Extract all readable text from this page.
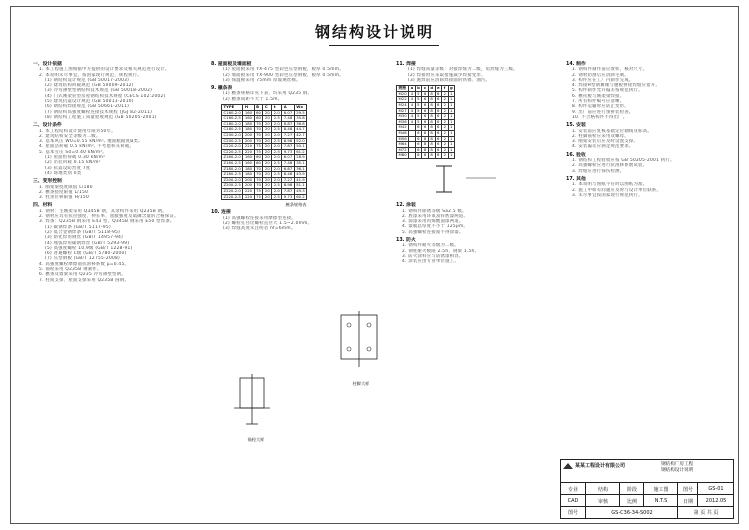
钢结构设计说明
一、设计依据
1. 本工程施工图根据甲方提供的设计要求及相关规范进行设计。
2. 本说明未尽事宜，按国家现行规范、规程执行。
(1) 钢结构设计规范 (GB 50017-2003)
(2) 建筑结构荷载规范 (GB 50009-2012)
(3) 冷弯薄壁型钢结构技术规范 (GB 50018-2002)
(4) 门式刚架轻型房屋钢结构技术规程 (CECS 102:2002)
(5) 建筑抗震设计规范 (GB 50011-2010)
(6) 钢结构焊接规范 (GB 50661-2011)
(7) 钢结构高强度螺栓连接技术规程 (JGJ 82-2011)
(8) 钢结构工程施工质量验收规范 (GB 50205-2001)
二、设计条件
1. 本工程结构设计使用年限为50年。
2. 建筑结构安全等级为二级。
3. 基本风压 W0=0.55 kN/m², 地面粗糙度B类。
4. 屋面活荷载 0.5 kN/m², 不考虑积灰荷载。
5. 基本雪压 S0=0.40 kN/m²。
(1) 屋面恒荷载 0.30 kN/m²
(2) 吊挂荷载 0.15 kN/m²
(3) 抗震设防烈度 7度
(4) 场地类别 II类
三、变形控制
1. 刚架梁挠度限值 L/180
2. 檩条挠度限值 L/150
3. 柱顶位移限值 H/150
四、材料
1. 钢材：主刚架采用 Q345B 钢，其余构件采用 Q235B 钢。
2. 钢材应具有抗拉强度、伸长率、屈服强度及硫磷含量的合格保证。
3. 焊条：Q235B 钢采用 E43 型，Q345B 钢采用 E50 型焊条。
(1) 碳钢焊条 (GB/T 5117-95)
(2) 低合金钢焊条 (GB/T 5118-95)
(3) 熔化焊用钢丝 (GB/T 14957-94)
(4) 埋弧焊用碳钢焊丝 (GB/T 5293-99)
(5) 高强度螺栓 10.9级 (GB/T 1228-91)
(6) 普通螺栓 C级 (GB/T 5780-2000)
(7) 压型钢板 (GB/T 12755-2008)
4. 高强度螺栓摩擦面抗滑移系数 μ=0.45。
5. 锚栓采用 Q235B 钢制作。
6. 檩条及墙梁采用 Q235 冷弯薄壁型钢。
7. 柱间支撑、屋面支撑采用 Q235B 圆钢。
8. 屋面板及墙面板
(1) 屋面板采用 YX-475 型彩色压型钢板，板厚 0.5mm。
(2) 墙面板采用 YX-900 型彩色压型钢板，板厚 0.5mm。
(3) 保温棉采用 75mm 厚玻璃丝棉。
9. 檩条表
(1) 檩条规格详见下表，均采用 Q235 钢。
(2) 檩条间距不大于 1.5m。
TYPE	H	B	C	t	A	Wx
C160-2.0	160	60	20	2.0	6.07	29.5
C160-2.5	160	60	20	2.5	7.48	35.8
C180-2.0	180	70	20	2.0	6.87	36.8
C180-2.5	180	70	20	2.5	8.48	44.7
C200-2.0	200	70	20	2.0	7.27	42.7
C200-2.5	200	70	20	2.5	8.98	52.0
C220-2.0	220	75	20	2.0	7.87	50.1
C220-2.5	220	75	20	2.5	9.73	61.2
Z160-2.0	160	60	20	2.0	6.07	28.9
Z160-2.5	160	60	20	2.5	7.48	35.1
Z180-2.0	180	70	20	2.0	6.87	36.1
Z180-2.5	180	70	20	2.5	8.48	43.9
Z200-2.0	200	70	20	2.0	7.27	41.9
Z200-2.5	200	70	20	2.5	8.98	51.1
Z220-2.0	220	75	20	2.0	7.87	49.3
Z220-2.5	220	75	20	2.5	9.73	60.2
檩条规格表
10. 连接
(1) 高强螺栓连接采用摩擦型连接。
(2) 螺栓孔径比螺栓直径大 1.5~2.0mm。
(3) 焊缝高度未注明者 hf=6mm。
锚栓大样
柱脚大样
11. 焊接
(1) 焊缝质量等级：对接焊缝为二级，角焊缝为三级。
(2) 焊接时应采取措施减少焊接变形。
(3) 施焊前应清除焊接面的铁锈、油污。
规格	a	b	c	d	e	f	g
M20	4	5	6	8	6	2	1
M22	4	5	6	8	6	2	1
M24	4	5	6	8	6	2	1
M27	4	5	6	8	6	2	1
M30	4	5	6	8	6	2	1
M36	4	5	6	8	6	2	1
M42		6	6	8	6	2	1
M48		6	8	8	6	2	1
M56		6	8	8	6	2	1
M64		6	8	8	6	2	1
M72		6	8	8	6	2	1
M80		6	8	8	6	2	1
12. 涂装
1. 钢构件除锈等级 Sa2.5 级。
2. 底漆采用环氧富锌底漆两道。
3. 面漆采用丙烯酸面漆两道。
4. 漆膜总厚度不小于 125μm。
5. 高强螺栓连接面不得涂漆。
13. 防火
1. 钢构件耐火等级为二级。
2. 钢柱耐火极限 2.5h，钢梁 1.5h。
3. 防火涂料应与防锈漆相容。
4. 涂装应由专业单位施工。
14. 制作
1. 钢构件制作前应放样，核对尺寸。
2. 钢材切割后应清除毛刺。
3. 构件应在工厂内制作完成。
4. 焊接H型钢翼缘与腹板拼接焊缝应错开。
5. 构件制作允许偏差按规范执行。
6. 檩托板与刚架梁焊接。
7. 所有构件编号应清晰。
8. 构件运输时应防止变形。
9. 出厂前应进行预拼装检查。
10. 不合格构件不得出厂。
15. 安装
1. 安装前应复核基础定位轴线及标高。
2. 柱脚锚栓应采用双螺母。
3. 刚架安装后应及时设置支撑。
4. 安装偏差应满足规范要求。
16. 验收
1. 钢结构工程验收应按 GB 50205-2001 执行。
2. 高强螺栓应进行抗滑移系数试验。
3. 焊缝应进行探伤检测。
17. 其他
1. 本说明与图纸不符时以图纸为准。
2. 施工中如有问题应及时与设计单位联系。
3. 未尽事宜按国家现行规范执行。
某某工程设计有限公司	钢结构厂房工程
钢结构设计说明
专业	结构	阶段	施工图	图号	GS-01
CAD	审核	比例	N.T.S	日期	2012.05
图号	GS-C36-34-S002	第 页 共 页
